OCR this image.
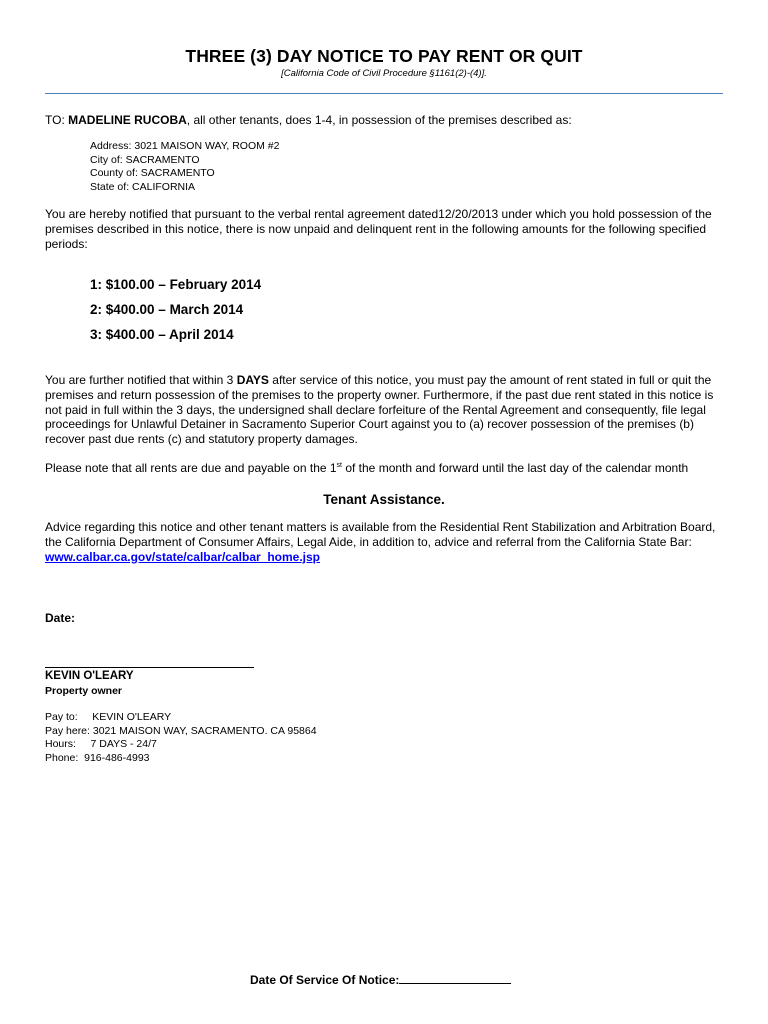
THREE (3) DAY NOTICE TO PAY RENT OR QUIT
[California Code of Civil Procedure §1161(2)-(4)].
TO: MADELINE RUCOBA, all other tenants, does 1-4, in possession of the premises described as:
Address: 3021 MAISON WAY, ROOM #2
City of: SACRAMENTO
County of: SACRAMENTO
State of: CALIFORNIA
You are hereby notified that pursuant to the verbal rental agreement dated12/20/2013 under which you hold possession of the premises described in this notice, there is now unpaid and delinquent rent in the following amounts for the following specified periods:
1: $100.00 – February 2014
2: $400.00 – March 2014
3: $400.00 – April 2014
You are further notified that within 3 DAYS after service of this notice, you must pay the amount of rent stated in full or quit the premises and return possession of the premises to the property owner. Furthermore, if the past due rent stated in this notice is not paid in full within the 3 days, the undersigned shall declare forfeiture of the Rental Agreement and consequently, file legal proceedings for Unlawful Detainer in Sacramento Superior Court against you to (a) recover possession of the premises (b) recover past due rents (c) and statutory property damages.
Please note that all rents are due and payable on the 1st of the month and forward until the last day of the calendar month
Tenant Assistance.
Advice regarding this notice and other tenant matters is available from the Residential Rent Stabilization and Arbitration Board, the California Department of Consumer Affairs, Legal Aide, in addition to, advice and referral from the California State Bar: www.calbar.ca.gov/state/calbar/calbar_home.jsp
Date:
KEVIN O'LEARY
Property owner
Pay to:     KEVIN O'LEARY
Pay here: 3021 MAISON WAY, SACRAMENTO. CA 95864
Hours:     7 DAYS - 24/7
Phone:  916-486-4993
Date Of Service Of Notice:
